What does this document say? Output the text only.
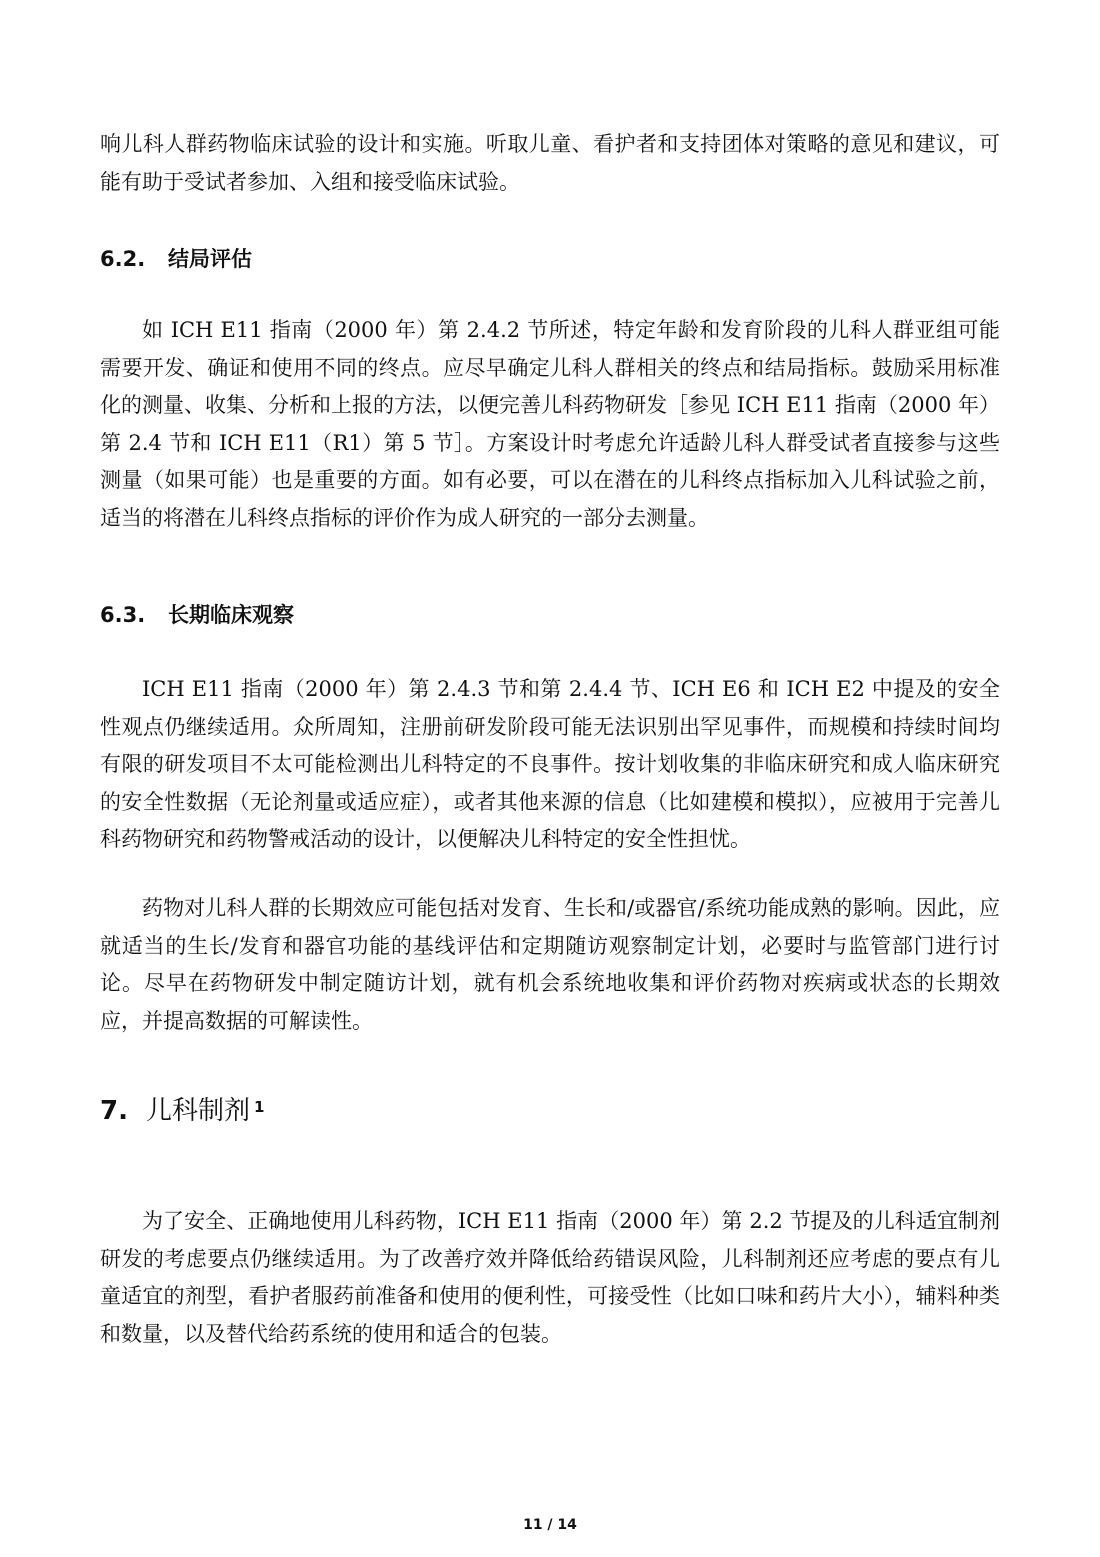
响儿科人群药物临床试验的设计和实施。听取儿童、看护者和支持团体对策略的意见和建议，可能有助于受试者参加、入组和接受临床试验。

6.2. 结局评估

如 ICH E11 指南（2000 年）第 2.4.2 节所述，特定年龄和发育阶段的儿科人群亚组可能需要开发、确证和使用不同的终点。应尽早确定儿科人群相关的终点和结局指标。鼓励采用标准化的测量、收集、分析和上报的方法，以便完善儿科药物研发［参见 ICH E11 指南（2000 年）第 2.4 节和 ICH E11（R1）第 5 节］。方案设计时考虑允许适龄儿科人群受试者直接参与这些测量（如果可能）也是重要的方面。如有必要，可以在潜在的儿科终点指标加入儿科试验之前，适当的将潜在儿科终点指标的评价作为成人研究的一部分去测量。

6.3. 长期临床观察

ICH E11 指南（2000 年）第 2.4.3 节和第 2.4.4 节、ICH E6 和 ICH E2 中提及的安全性观点仍继续适用。众所周知，注册前研发阶段可能无法识别出罕见事件，而规模和持续时间均有限的研发项目不太可能检测出儿科特定的不良事件。按计划收集的非临床研究和成人临床研究的安全性数据（无论剂量或适应症），或者其他来源的信息（比如建模和模拟），应被用于完善儿科药物研究和药物警戒活动的设计，以便解决儿科特定的安全性担忧。

药物对儿科人群的长期效应可能包括对发育、生长和/或器官/系统功能成熟的影响。因此，应就适当的生长/发育和器官功能的基线评估和定期随访观察制定计划，必要时与监管部门进行讨论。尽早在药物研发中制定随访计划，就有机会系统地收集和评价药物对疾病或状态的长期效应，并提高数据的可解读性。

7. 儿科制剂 $^1$

为了安全、正确地使用儿科药物，ICH E11 指南（2000 年）第 2.2 节提及的儿科适宜制剂研发的考虑要点仍继续适用。为了改善疗效并降低给药错误风险，儿科制剂还应考虑的要点有儿童适宜的剂型，看护者服药前准备和使用的便利性，可接受性（比如口味和药片大小），辅料种类和数量，以及替代给药系统的使用和适合的包装。

11 / 14
